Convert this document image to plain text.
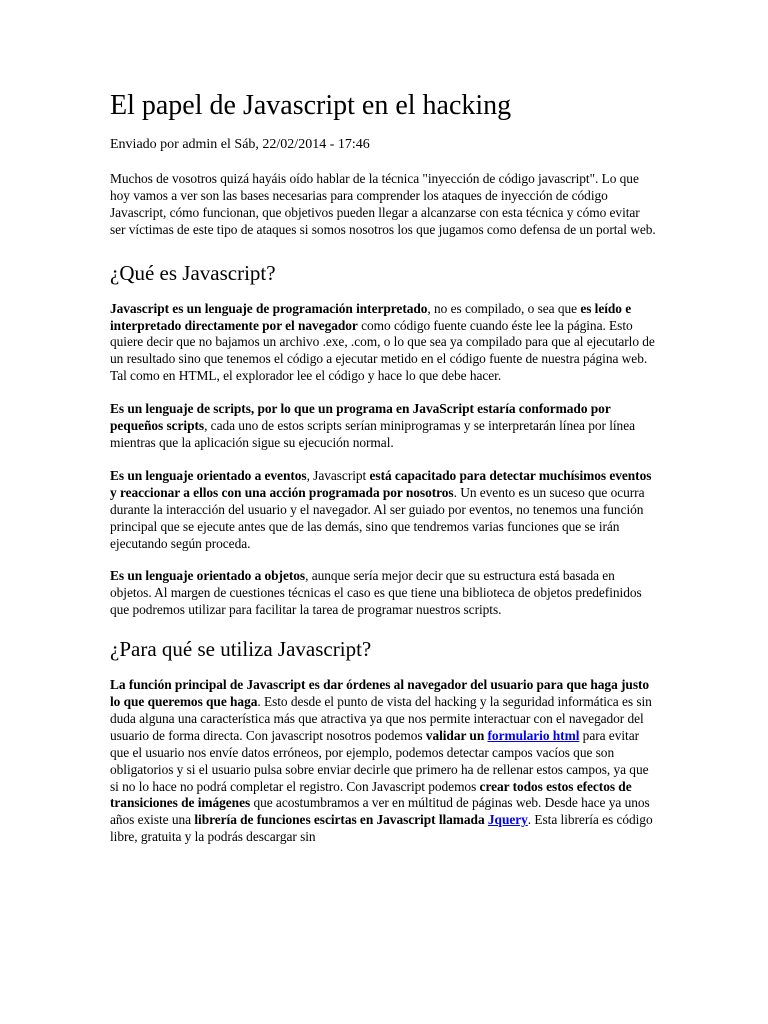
El papel de Javascript en el hacking
Enviado por admin el Sáb, 22/02/2014 - 17:46

Muchos de vosotros quizá hayáis oído hablar de la técnica "inyección de código javascript". Lo que hoy vamos a ver son las bases necesarias para comprender los ataques de inyección de código Javascript, cómo funcionan, que objetivos pueden llegar a alcanzarse con esta técnica y cómo evitar ser víctimas de este tipo de ataques si somos nosotros los que jugamos como defensa de un portal web.

¿Qué es Javascript?

Javascript es un lenguaje de programación interpretado, no es compilado, o sea que es leído e interpretado directamente por el navegador como código fuente cuando éste lee la página. Esto quiere decir que no bajamos un archivo .exe, .com, o lo que sea ya compilado para que al ejecutarlo de un resultado sino que tenemos el código a ejecutar metido en el código fuente de nuestra página web. Tal como en HTML, el explorador lee el código y hace lo que debe hacer.

Es un lenguaje de scripts, por lo que un programa en JavaScript estaría conformado por pequeños scripts, cada uno de estos scripts serían miniprogramas y se interpretarán línea por línea mientras que la aplicación sigue su ejecución normal.

Es un lenguaje orientado a eventos, Javascript está capacitado para detectar muchísimos eventos y reaccionar a ellos con una acción programada por nosotros. Un evento es un suceso que ocurra durante la interacción del usuario y el navegador. Al ser guiado por eventos, no tenemos una función principal que se ejecute antes que de las demás, sino que tendremos varias funciones que se irán ejecutando según proceda.

Es un lenguaje orientado a objetos, aunque sería mejor decir que su estructura está basada en objetos. Al margen de cuestiones técnicas el caso es que tiene una biblioteca de objetos predefinidos que podremos utilizar para facilitar la tarea de programar nuestros scripts.

¿Para qué se utiliza Javascript?

La función principal de Javascript es dar órdenes al navegador del usuario para que haga justo lo que queremos que haga. Esto desde el punto de vista del hacking y la seguridad informática es sin duda alguna una característica más que atractiva ya que nos permite interactuar con el navegador del usuario de forma directa. Con javascript nosotros podemos validar un formulario html para evitar que el usuario nos envíe datos erróneos, por ejemplo, podemos detectar campos vacíos que son obligatorios y si el usuario pulsa sobre enviar decirle que primero ha de rellenar estos campos, ya que si no lo hace no podrá completar el registro. Con Javascript podemos crear todos estos efectos de transiciones de imágenes que acostumbramos a ver en múltitud de páginas web. Desde hace ya unos años existe una librería de funciones escirtas en Javascript llamada Jquery. Esta librería es código libre, gratuita y la podrás descargar sin
